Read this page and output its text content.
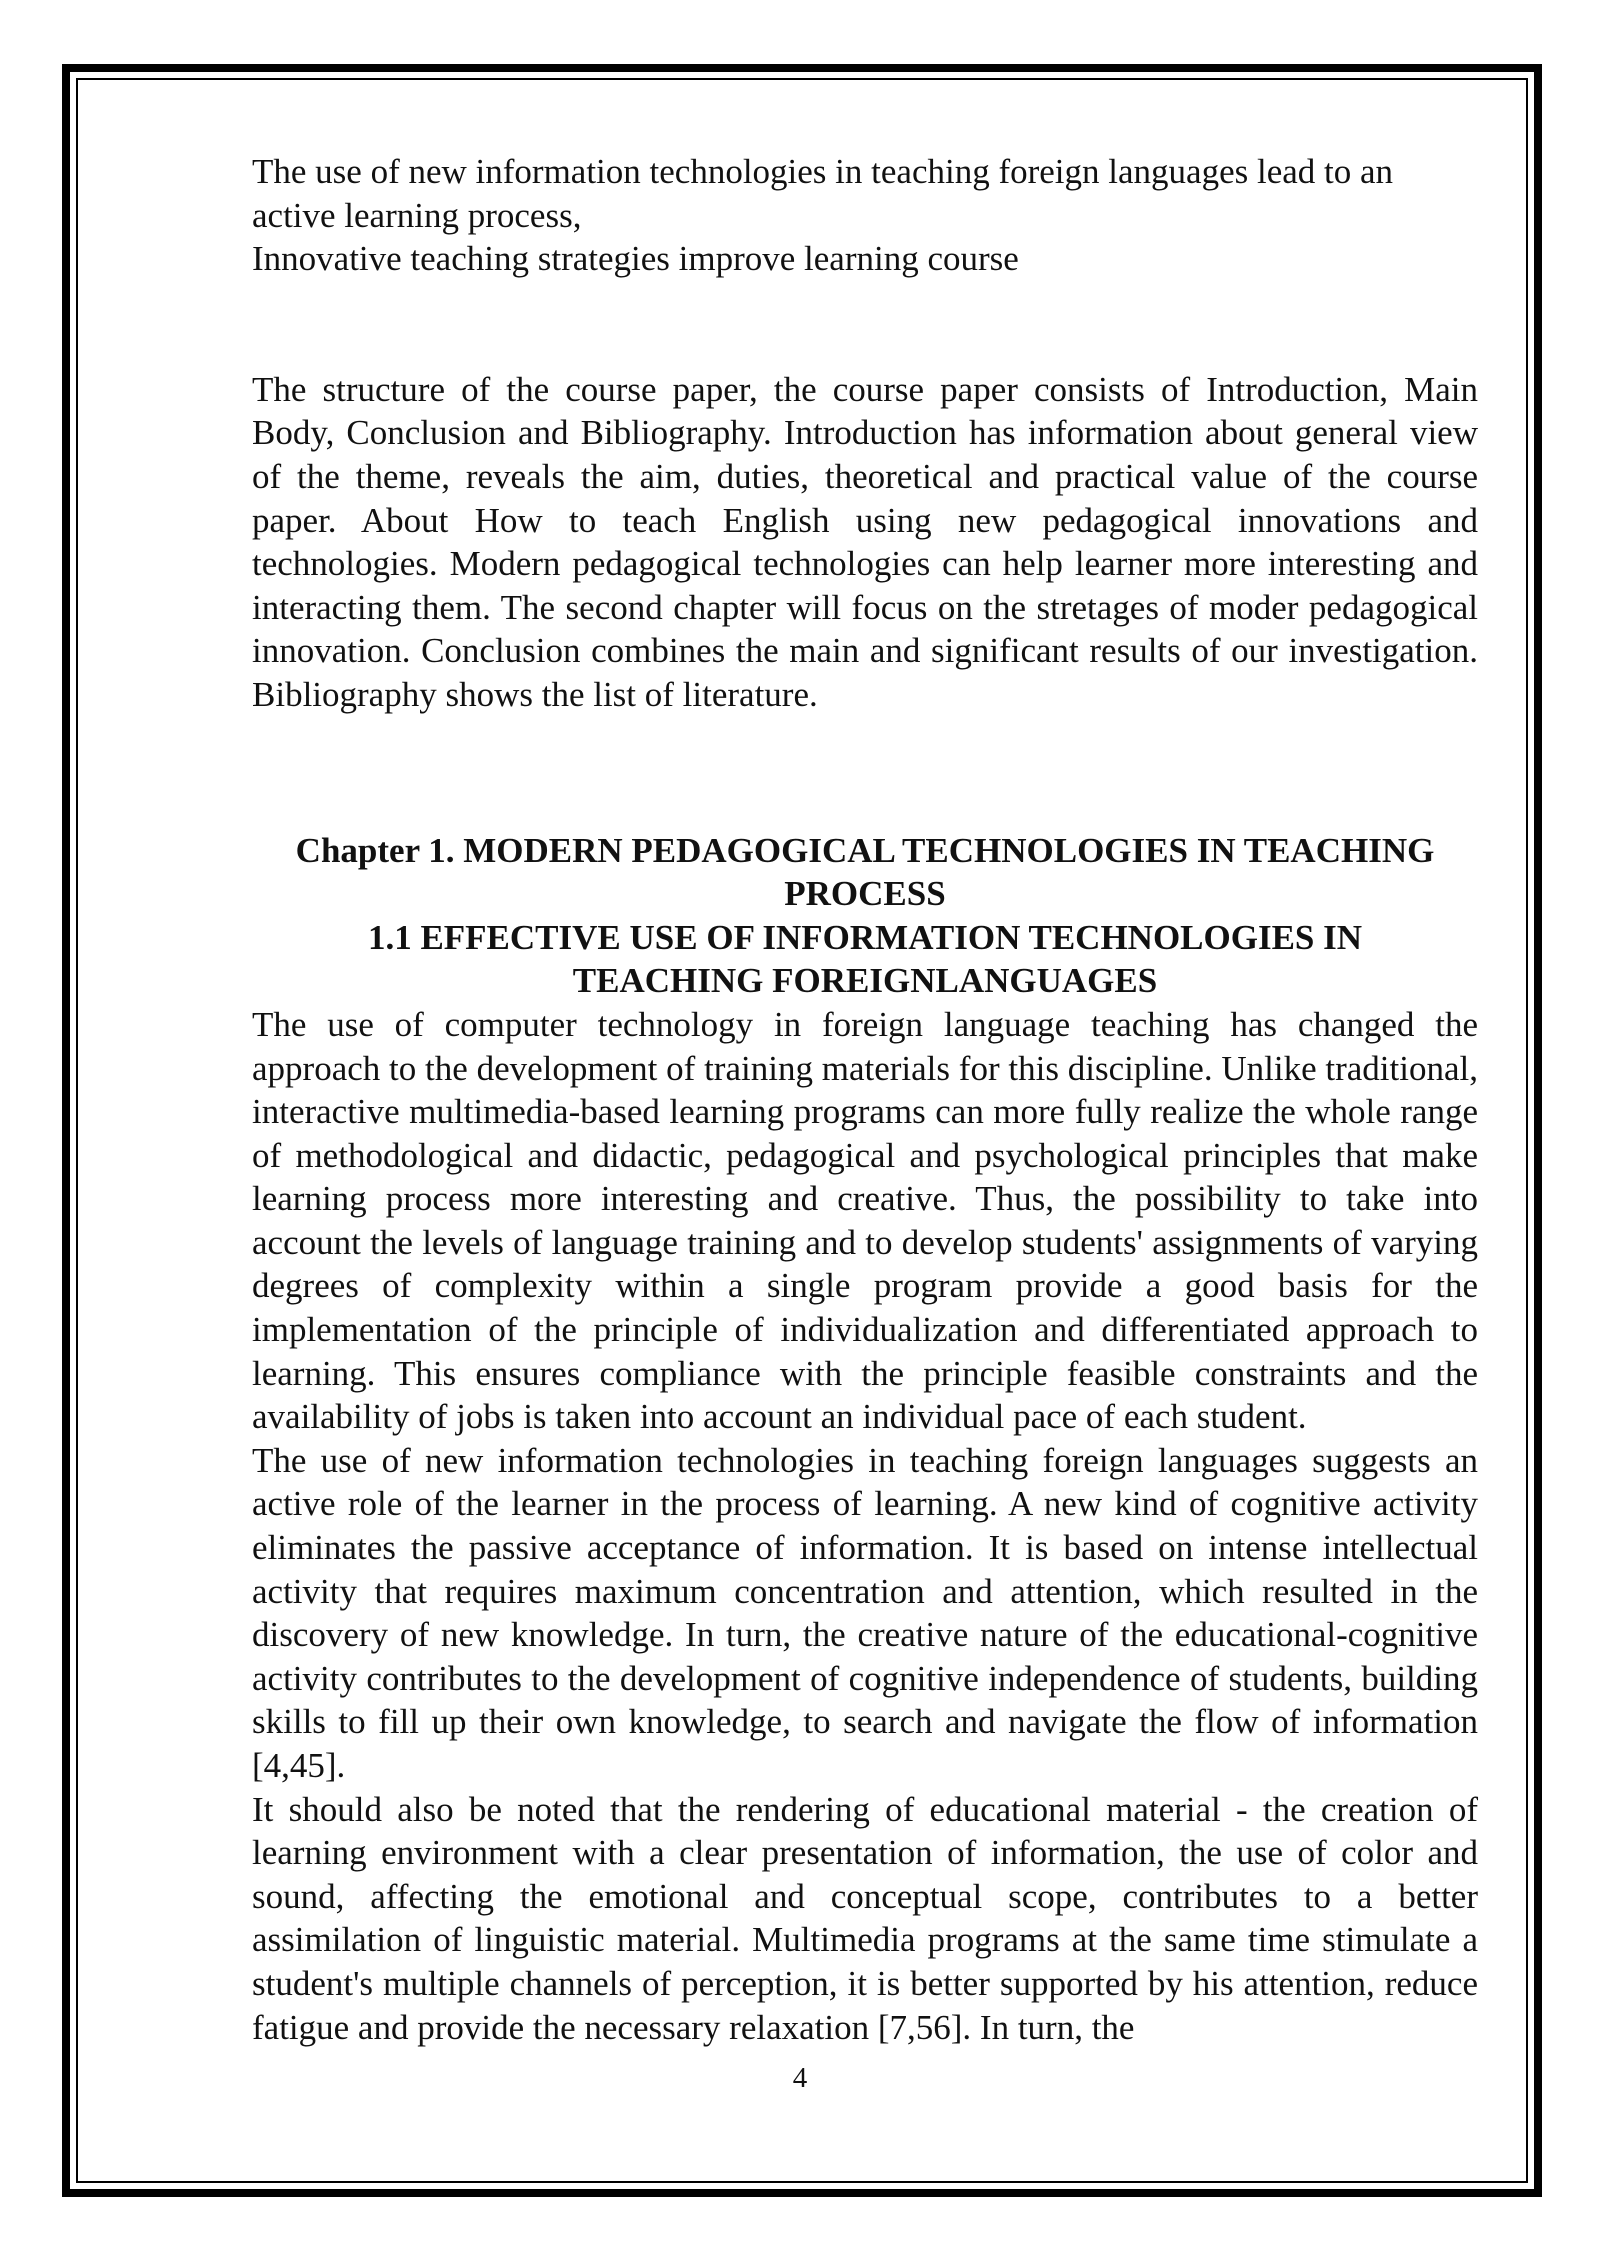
The use of new information technologies in teaching foreign languages lead to an active learning process,

Innovative teaching strategies improve learning course

The structure of the course paper, the course paper consists of Introduction, Main Body, Conclusion and Bibliography. Introduction has information about general view of the theme, reveals the aim, duties, theoretical and practical value of the course paper. About How to teach English using new pedagogical innovations and technologies. Modern pedagogical technologies can help learner more interesting and interacting them. The second chapter will focus on the stretages of moder pedagogical innovation. Conclusion combines the main and significant results of our investigation. Bibliography shows the list of literature.

Chapter 1. MODERN PEDAGOGICAL TECHNOLOGIES IN TEACHING PROCESS
1.1 EFFECTIVE USE OF INFORMATION TECHNOLOGIES IN TEACHING FOREIGNLANGUAGES

The use of computer technology in foreign language teaching has changed the approach to the development of training materials for this discipline. Unlike traditional, interactive multimedia-based learning programs can more fully realize the whole range of methodological and didactic, pedagogical and psychological principles that make learning process more interesting and creative. Thus, the possibility to take into account the levels of language training and to develop students' assignments of varying degrees of complexity within a single program provide a good basis for the implementation of the principle of individualization and differentiated approach to learning. This ensures compliance with the principle feasible constraints and the availability of jobs is taken into account an individual pace of each student.

The use of new information technologies in teaching foreign languages suggests an active role of the learner in the process of learning. A new kind of cognitive activity eliminates the passive acceptance of information. It is based on intense intellectual activity that requires maximum concentration and attention, which resulted in the discovery of new knowledge. In turn, the creative nature of the educational-cognitive activity contributes to the development of cognitive independence of students, building skills to fill up their own knowledge, to search and navigate the flow of information [4,45].

It should also be noted that the rendering of educational material - the creation of learning environment with a clear presentation of information, the use of color and sound, affecting the emotional and conceptual scope, contributes to a better assimilation of linguistic material. Multimedia programs at the same time stimulate a student's multiple channels of perception, it is better supported by his attention, reduce fatigue and provide the necessary relaxation [7,56]. In turn, the

4
